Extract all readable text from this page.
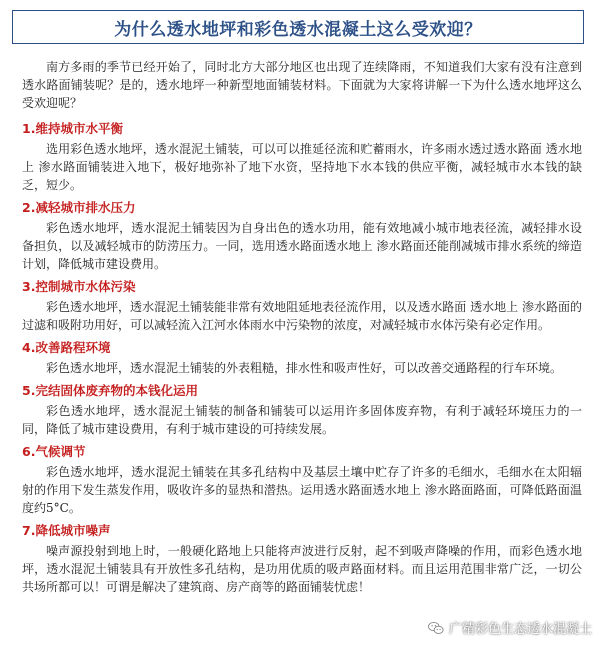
为什么透水地坪和彩色透水混凝土这么受欢迎？

南方多雨的季节已经开始了，同时北方大部分地区也出现了连续降雨，不知道我们大家有没有注意到透水路面铺装呢？是的，透水地坪一种新型地面铺装材料。下面就为大家将讲解一下为什么透水地坪这么受欢迎呢？

1.维持城市水平衡

选用彩色透水地坪，透水混泥土铺装，可以可以推延径流和贮蓄雨水，许多雨水透过透水路面 透水地上 渗水路面铺装进入地下，极好地弥补了地下水资，坚持地下水本钱的供应平衡，减轻城市水本钱的缺乏，短少。

2.减轻城市排水压力

彩色透水地坪，透水混泥土铺装因为自身出色的透水功用，能有效地减小城市地表径流，减轻排水设备担负，以及减轻城市的防涝压力。一同，选用透水路面透水地上 渗水路面还能削减城市排水系统的缔造计划，降低城市建设费用。

3.控制城市水体污染

彩色透水地坪，透水混泥土铺装能非常有效地阻延地表径流作用，以及透水路面 透水地上 渗水路面的过滤和吸附功用好，可以减轻流入江河水体雨水中污染物的浓度，对减轻城市水体污染有必定作用。

4.改善路程环境

彩色透水地坪，透水混泥土铺装的外表粗糙，排水性和吸声性好，可以改善交通路程的行车环境。

5.完结固体废弃物的本钱化运用

彩色透水地坪，透水混泥土铺装的制备和铺装可以运用许多固体废弃物，有利于减轻环境压力的一同，降低了城市建设费用，有利于城市建设的可持续发展。

6.气候调节

彩色透水地坪，透水混泥土铺装在其多孔结构中及基层土壤中贮存了许多的毛细水，毛细水在太阳辐射的作用下发生蒸发作用，吸收许多的显热和潜热。运用透水路面透水地上 渗水路面路面，可降低路面温度约5°C。

7.降低城市噪声

噪声源投射到地上时，一般硬化路地上只能将声波进行反射，起不到吸声降噪的作用，而彩色透水地坪，透水混泥土铺装具有开放性多孔结构，是功用优质的吸声路面材料。而且运用范围非常广泛，一切公共场所都可以！可谓是解决了建筑商、房产商等的路面铺装忧虑！

广精彩色生态透水混凝土
